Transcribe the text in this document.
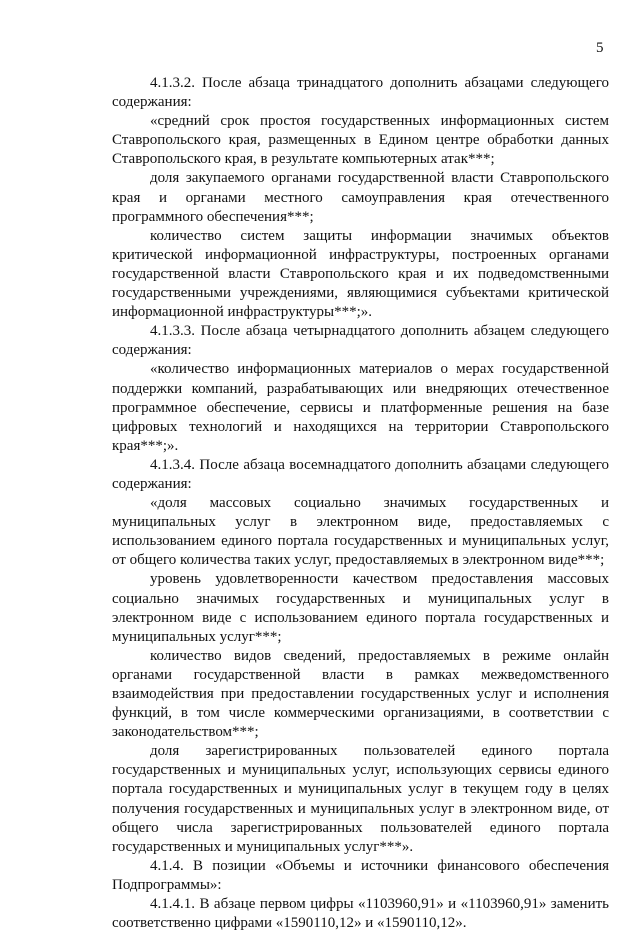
5

4.1.3.2. После абзаца тринадцатого дополнить абзацами следующего содержания:

«средний срок простоя государственных информационных систем Ставропольского края, размещенных в Едином центре обработки данных Ставропольского края, в результате компьютерных атак***;

доля закупаемого органами государственной власти Ставропольского края и органами местного самоуправления края отечественного программного обеспечения***;

количество систем защиты информации значимых объектов критической информационной инфраструктуры, построенных органами государственной власти Ставропольского края и их подведомственными государственными учреждениями, являющимися субъектами критической информационной инфраструктуры***;».

4.1.3.3. После абзаца четырнадцатого дополнить абзацем следующего содержания:

«количество информационных материалов о мерах государственной поддержки компаний, разрабатывающих или внедряющих отечественное программное обеспечение, сервисы и платформенные решения на базе цифровых технологий и находящихся на территории Ставропольского края***;».

4.1.3.4. После абзаца восемнадцатого дополнить абзацами следующего содержания:

«доля массовых социально значимых государственных и муниципальных услуг в электронном виде, предоставляемых с использованием единого портала государственных и муниципальных услуг, от общего количества таких услуг, предоставляемых в электронном виде***;

уровень удовлетворенности качеством предоставления массовых социально значимых государственных и муниципальных услуг в электронном виде с использованием единого портала государственных и муниципальных услуг***;

количество видов сведений, предоставляемых в режиме онлайн органами государственной власти в рамках межведомственного взаимодействия при предоставлении государственных услуг и исполнения функций, в том числе коммерческими организациями, в соответствии с законодательством***;

доля зарегистрированных пользователей единого портала государственных и муниципальных услуг, использующих сервисы единого портала государственных и муниципальных услуг в текущем году в целях получения государственных и муниципальных услуг в электронном виде, от общего числа зарегистрированных пользователей единого портала государственных и муниципальных услуг***».

4.1.4. В позиции «Объемы и источники финансового обеспечения Подпрограммы»:

4.1.4.1. В абзаце первом цифры «1103960,91» и «1103960,91» заменить соответственно цифрами «1590110,12» и «1590110,12».
